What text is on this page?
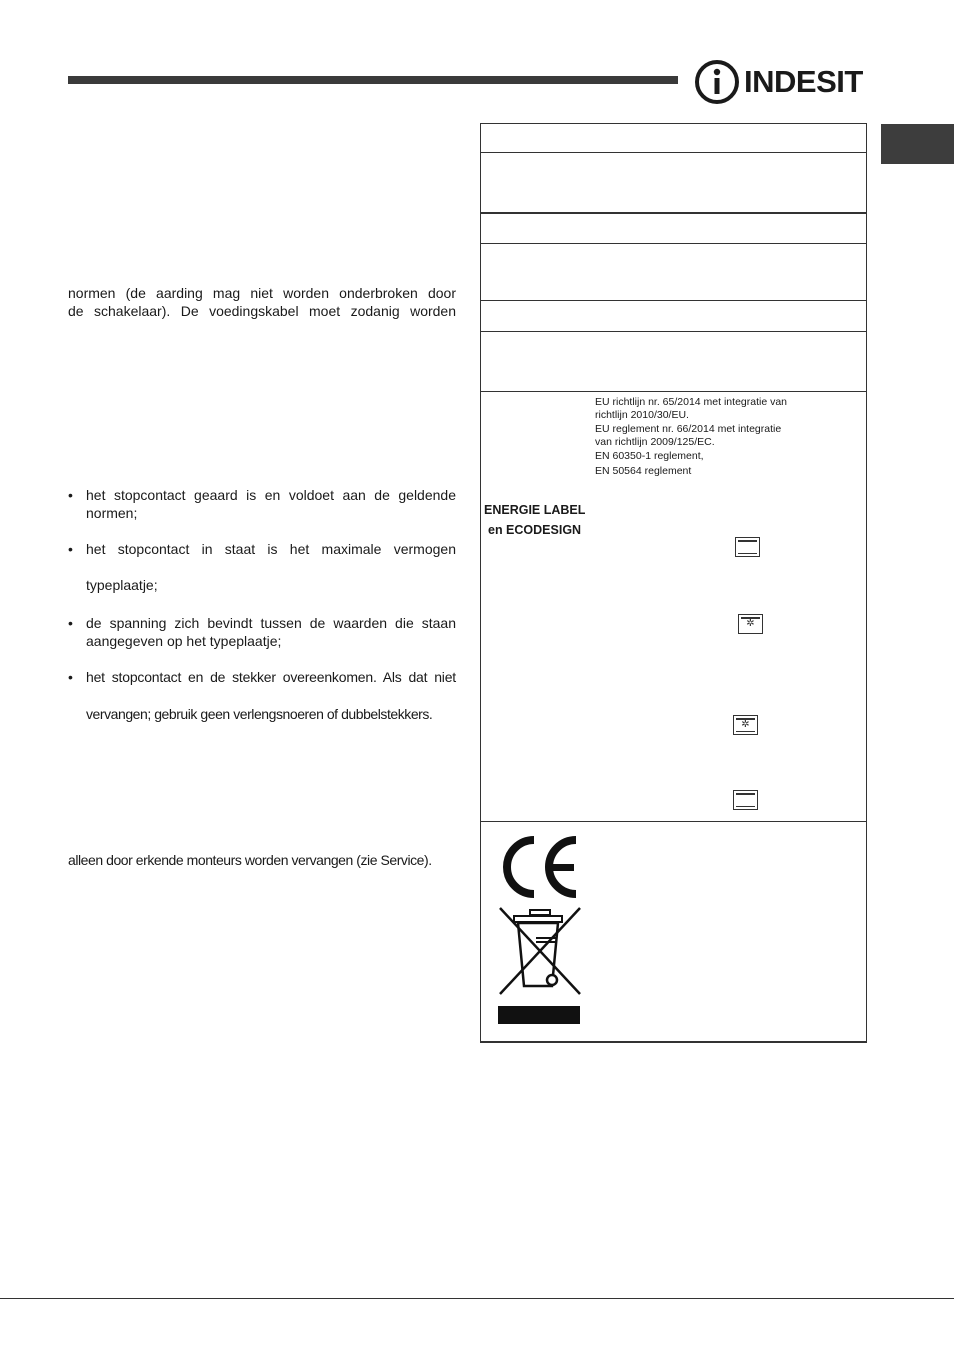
INDESIT
normen (de aarding mag niet worden onderbroken door
de schakelaar). De voedingskabel moet zodanig worden
• het stopcontact geaard is en voldoet aan de geldende
normen;
• het stopcontact in staat is het maximale vermogen
typeplaatje;
• de spanning zich bevindt tussen de waarden die staan
aangegeven op het typeplaatje;
• het stopcontact en de stekker overeenkomen. Als dat niet
vervangen; gebruik geen verlengsnoeren of dubbelstekkers.
alleen door erkende monteurs worden vervangen (zie Service).
EU richtlijn nr. 65/2014 met integratie van
richtlijn 2010/30/EU.
EU reglement nr. 66/2014 met integratie
van richtlijn 2009/125/EC.
EN 60350-1 reglement,
EN 50564 reglement
ENERGIE LABEL
en ECODESIGN
✲
✲
